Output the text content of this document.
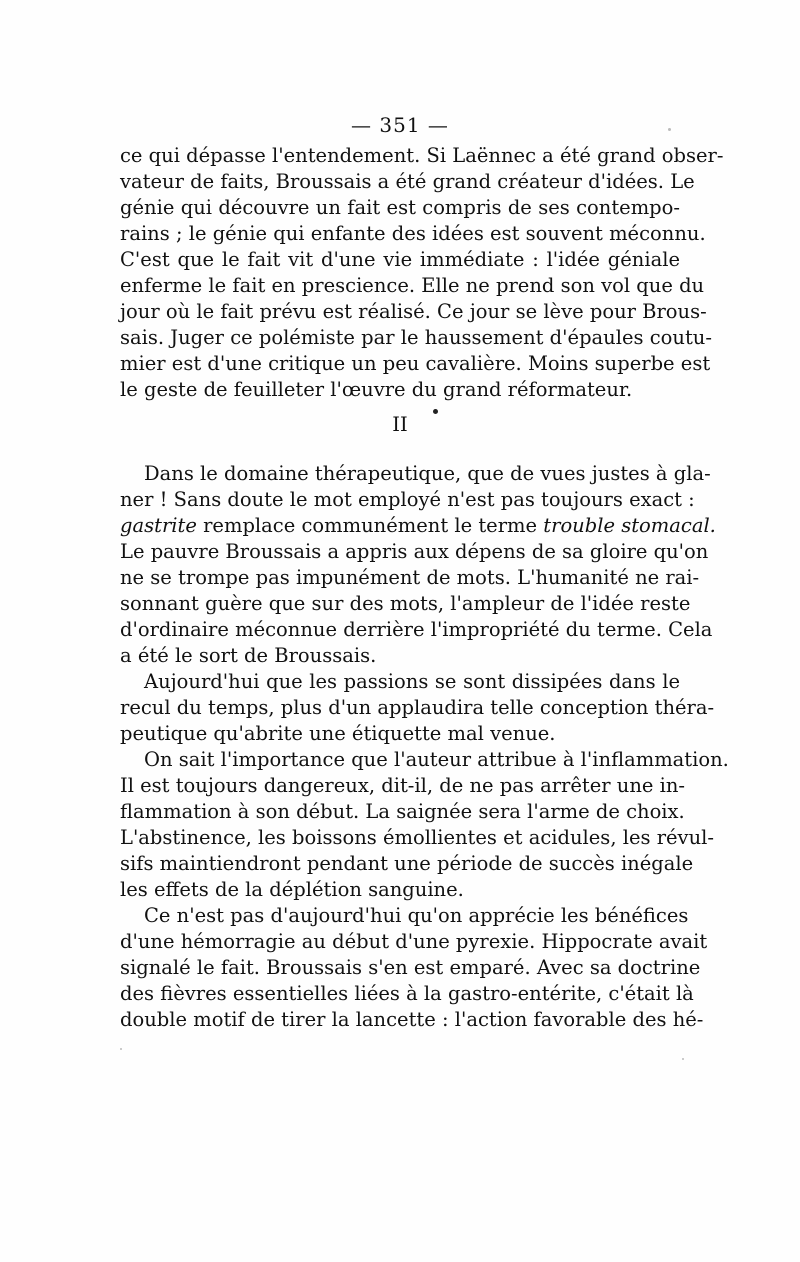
— 351 —
ce qui dépasse l'entendement. Si Laënnec a été grand obser-
vateur de faits, Broussais a été grand créateur d'idées. Le
génie qui découvre un fait est compris de ses contempo-
rains ; le génie qui enfante des idées est souvent méconnu.
C'est que le fait vit d'une vie immédiate : l'idée géniale
enferme le fait en prescience. Elle ne prend son vol que du
jour où le fait prévu est réalisé. Ce jour se lève pour Brous-
sais. Juger ce polémiste par le haussement d'épaules coutu-
mier est d'une critique un peu cavalière. Moins superbe est
le geste de feuilleter l'œuvre du grand réformateur.
II
Dans le domaine thérapeutique, que de vues justes à gla-
ner ! Sans doute le mot employé n'est pas toujours exact :
gastrite remplace communément le terme trouble stomacal.
Le pauvre Broussais a appris aux dépens de sa gloire qu'on
ne se trompe pas impunément de mots. L'humanité ne rai-
sonnant guère que sur des mots, l'ampleur de l'idée reste
d'ordinaire méconnue derrière l'impropriété du terme. Cela
a été le sort de Broussais.
Aujourd'hui que les passions se sont dissipées dans le
recul du temps, plus d'un applaudira telle conception théra-
peutique qu'abrite une étiquette mal venue.
On sait l'importance que l'auteur attribue à l'inflammation.
Il est toujours dangereux, dit-il, de ne pas arrêter une in-
flammation à son début. La saignée sera l'arme de choix.
L'abstinence, les boissons émollientes et acidules, les révul-
sifs maintiendront pendant une période de succès inégale
les effets de la déplétion sanguine.
Ce n'est pas d'aujourd'hui qu'on apprécie les bénéfices
d'une hémorragie au début d'une pyrexie. Hippocrate avait
signalé le fait. Broussais s'en est emparé. Avec sa doctrine
des fièvres essentielles liées à la gastro-entérite, c'était là
double motif de tirer la lancette : l'action favorable des hé-
